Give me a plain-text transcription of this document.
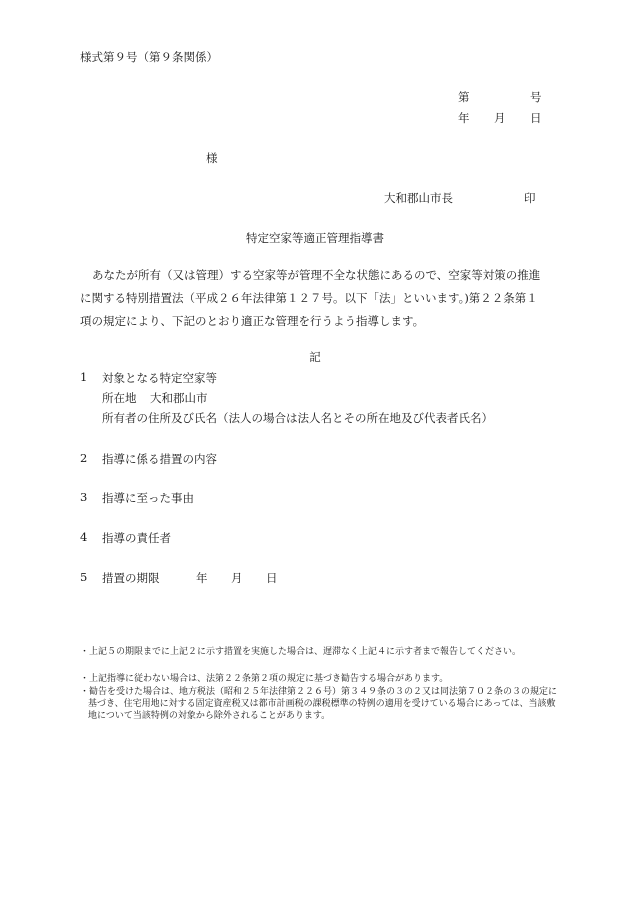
様式第９号（第９条関係）
第	号
年 月 日
様
大和郡山市長	印
特定空家等適正管理指導書
あなたが所有（又は管理）する空家等が管理不全な状態にあるので、空家等対策の推進
に関する特別措置法（平成２６年法律第１２７号。以下「法」といいます。)第２２条第１
項の規定により、下記のとおり適正な管理を行うよう指導します。
記
1 対象となる特定空家等
所在地 大和郡山市
所有者の住所及び氏名（法人の場合は法人名とその所在地及び代表者氏名）
2 指導に係る措置の内容
3 指導に至った事由
4 指導の責任者
5 措置の期限	年 月 日
・上記５の期限までに上記２に示す措置を実施した場合は、遅滞なく上記４に示す者まで報告してください。
・上記指導に従わない場合は、法第２２条第２項の規定に基づき勧告する場合があります。
・勧告を受けた場合は、地方税法（昭和２５年法律第２２６号）第３４９条の３の２又は同法第７０２条の３の規定に基づき、住宅用地に対する固定資産税又は都市計画税の課税標準の特例の適用を受けている場合にあっては、当該敷地について当該特例の対象から除外されることがあります。
